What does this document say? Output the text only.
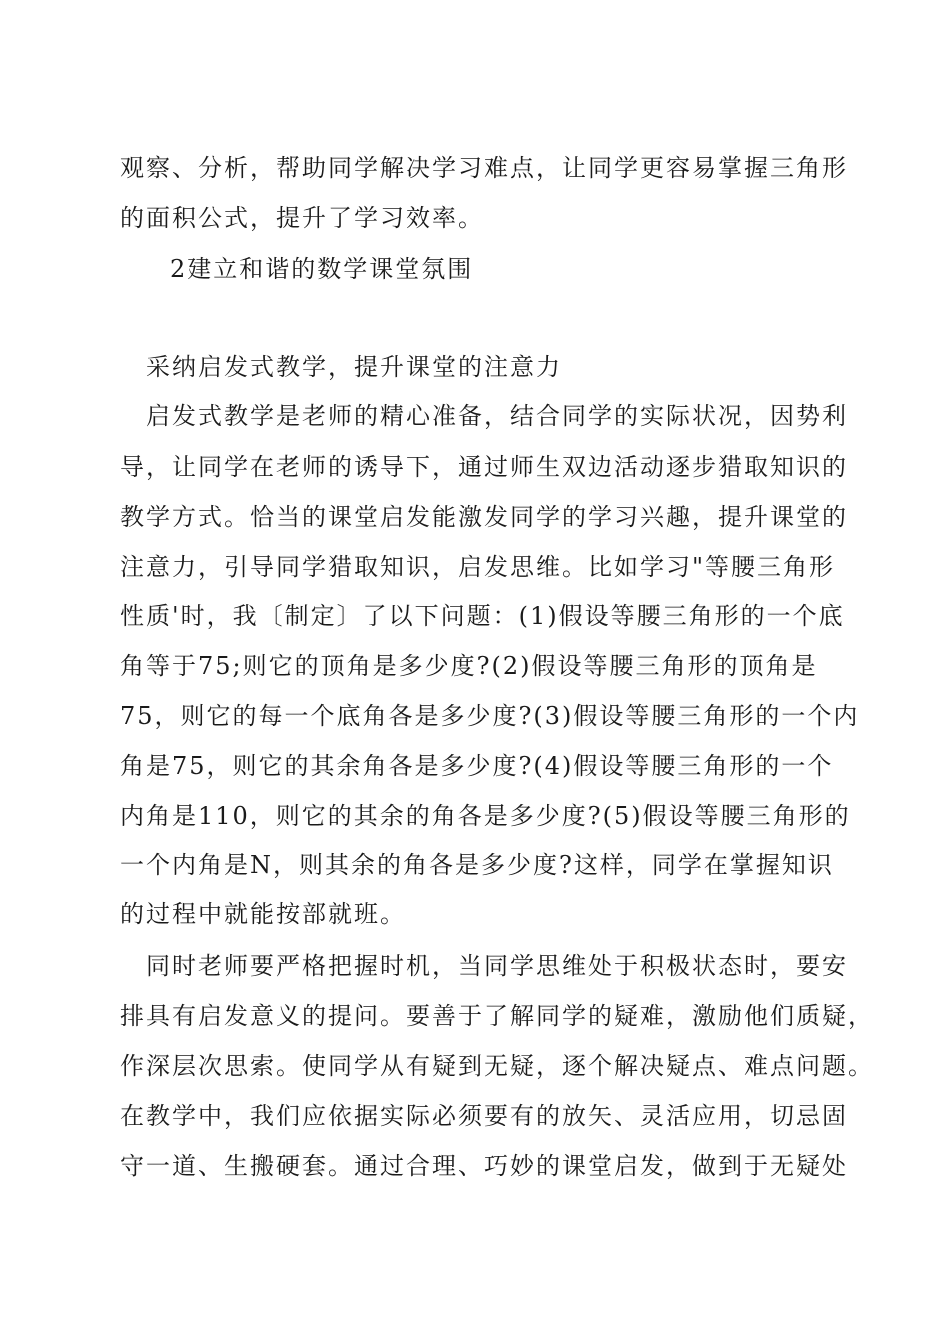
观察、分析，帮助同学解决学习难点，让同学更容易掌握三角形
的面积公式，提升了学习效率。
2建立和谐的数学课堂氛围
采纳启发式教学，提升课堂的注意力
启发式教学是老师的精心准备，结合同学的实际状况，因势利
导，让同学在老师的诱导下，通过师生双边活动逐步猎取知识的
教学方式。恰当的课堂启发能激发同学的学习兴趣，提升课堂的
注意力，引导同学猎取知识，启发思维。比如学习"等腰三角形
性质'时，我〔制定〕了以下问题：(1)假设等腰三角形的一个底
角等于75;则它的顶角是多少度?(2)假设等腰三角形的顶角是
75，则它的每一个底角各是多少度?(3)假设等腰三角形的一个内
角是75，则它的其余角各是多少度?(4)假设等腰三角形的一个
内角是110，则它的其余的角各是多少度?(5)假设等腰三角形的
一个内角是N，则其余的角各是多少度?这样，同学在掌握知识
的过程中就能按部就班。
同时老师要严格把握时机，当同学思维处于积极状态时，要安
排具有启发意义的提问。要善于了解同学的疑难，激励他们质疑，
作深层次思索。使同学从有疑到无疑，逐个解决疑点、难点问题。
在教学中，我们应依据实际必须要有的放矢、灵活应用，切忌固
守一道、生搬硬套。通过合理、巧妙的课堂启发，做到于无疑处
